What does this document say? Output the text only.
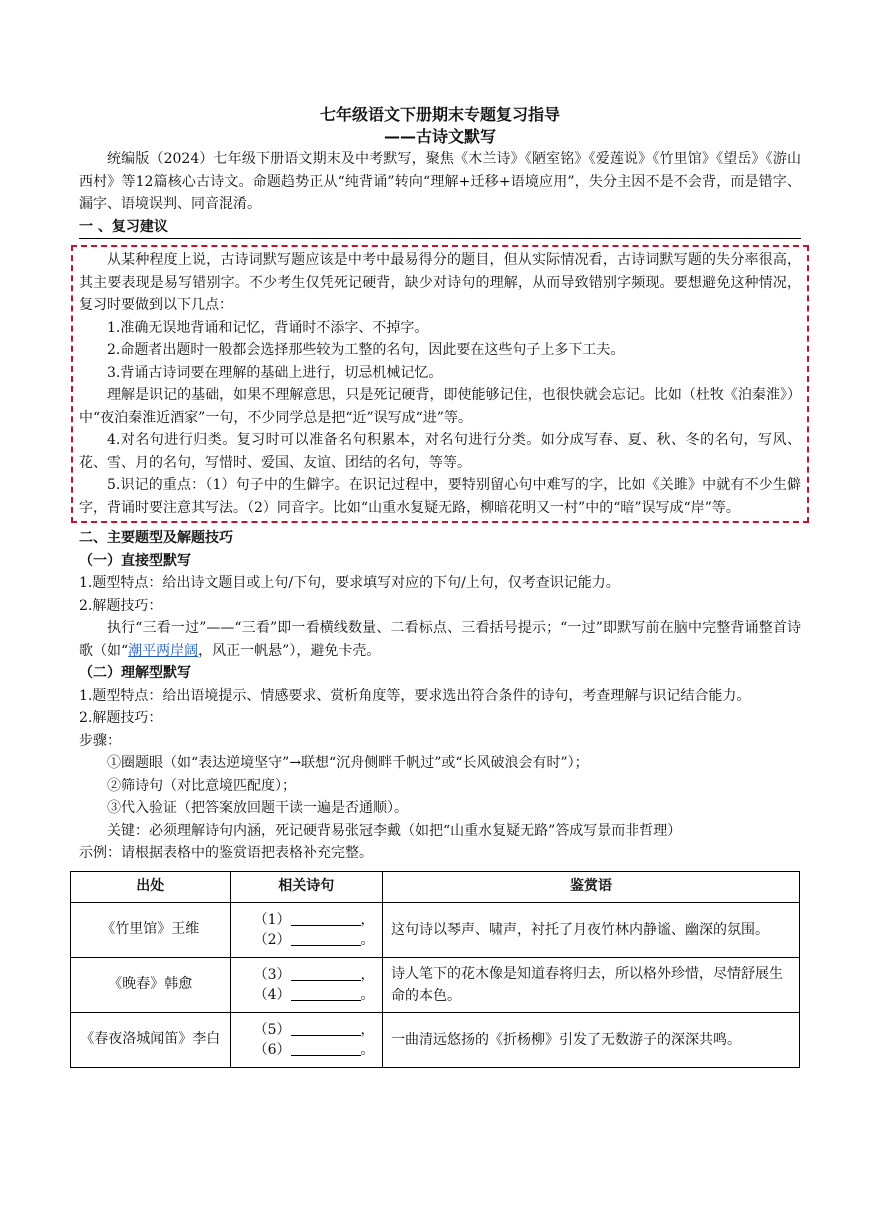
七年级语文下册期末专题复习指导
——古诗文默写

统编版（2024）七年级下册语文期末及中考默写，聚焦《木兰诗》《陋室铭》《爱莲说》《竹里馆》《望岳》《游山西村》等12篇核心古诗文。命题趋势正从“纯背诵”转向“理解+迁移+语境应用”，失分主因不是不会背，而是错字、漏字、语境误判、同音混淆。

一 、复习建议

从某种程度上说，古诗词默写题应该是中考中最易得分的题目，但从实际情况看，古诗词默写题的失分率很高，其主要表现是易写错别字。不少考生仅凭死记硬背，缺少对诗句的理解，从而导致错别字频现。要想避免这种情况，复习时要做到以下几点：

1.准确无误地背诵和记忆，背诵时不添字、不掉字。

2.命题者出题时一般都会选择那些较为工整的名句，因此要在这些句子上多下工夫。

3.背诵古诗词要在理解的基础上进行，切忌机械记忆。

理解是识记的基础，如果不理解意思，只是死记硬背，即使能够记住，也很快就会忘记。比如（杜牧《泊秦淮》）中“夜泊秦淮近酒家”一句，不少同学总是把“近”误写成“进”等。

4.对名句进行归类。复习时可以准备名句积累本，对名句进行分类。如分成写春、夏、秋、冬的名句，写风、花、雪、月的名句，写惜时、爱国、友谊、团结的名句，等等。

5.识记的重点：（1）句子中的生僻字。在识记过程中，要特别留心句中难写的字，比如《关雎》中就有不少生僻字，背诵时要注意其写法。（2）同音字。比如“山重水复疑无路，柳暗花明又一村”中的“暗”误写成“岸”等。

二、主要题型及解题技巧
（一）直接型默写

1.题型特点：给出诗文题目或上句/下句，要求填写对应的下句/上句，仅考查识记能力。

2.解题技巧：

执行“三看一过”——“三看”即一看横线数量、二看标点、三看括号提示；“一过”即默写前在脑中完整背诵整首诗歌（如“潮平两岸阔，风正一帆悬”），避免卡壳。

（二）理解型默写

1.题型特点：给出语境提示、情感要求、赏析角度等，要求选出符合条件的诗句，考查理解与识记结合能力。

2.解题技巧：

步骤：

①圈题眼（如“表达逆境坚守”→联想“沉舟侧畔千帆过”或“长风破浪会有时”）；

②筛诗句（对比意境匹配度）；

③代入验证（把答案放回题干读一遍是否通顺）。

关键：必须理解诗句内涵，死记硬背易张冠李戴（如把“山重水复疑无路”答成写景而非哲理）

示例：请根据表格中的鉴赏语把表格补充完整。

出处	相关诗句	鉴赏语
《竹里馆》王维	（1） ，
（2） 。	这句诗以琴声、啸声，衬托了月夜竹林内静谧、幽深的氛围。
《晚春》韩愈	（3） ，
（4） 。	诗人笔下的花木像是知道春将归去，所以格外珍惜，尽情舒展生命的本色。
《春夜洛城闻笛》李白	（5） ，
（6） 。	一曲清远悠扬的《折杨柳》引发了无数游子的深深共鸣。
